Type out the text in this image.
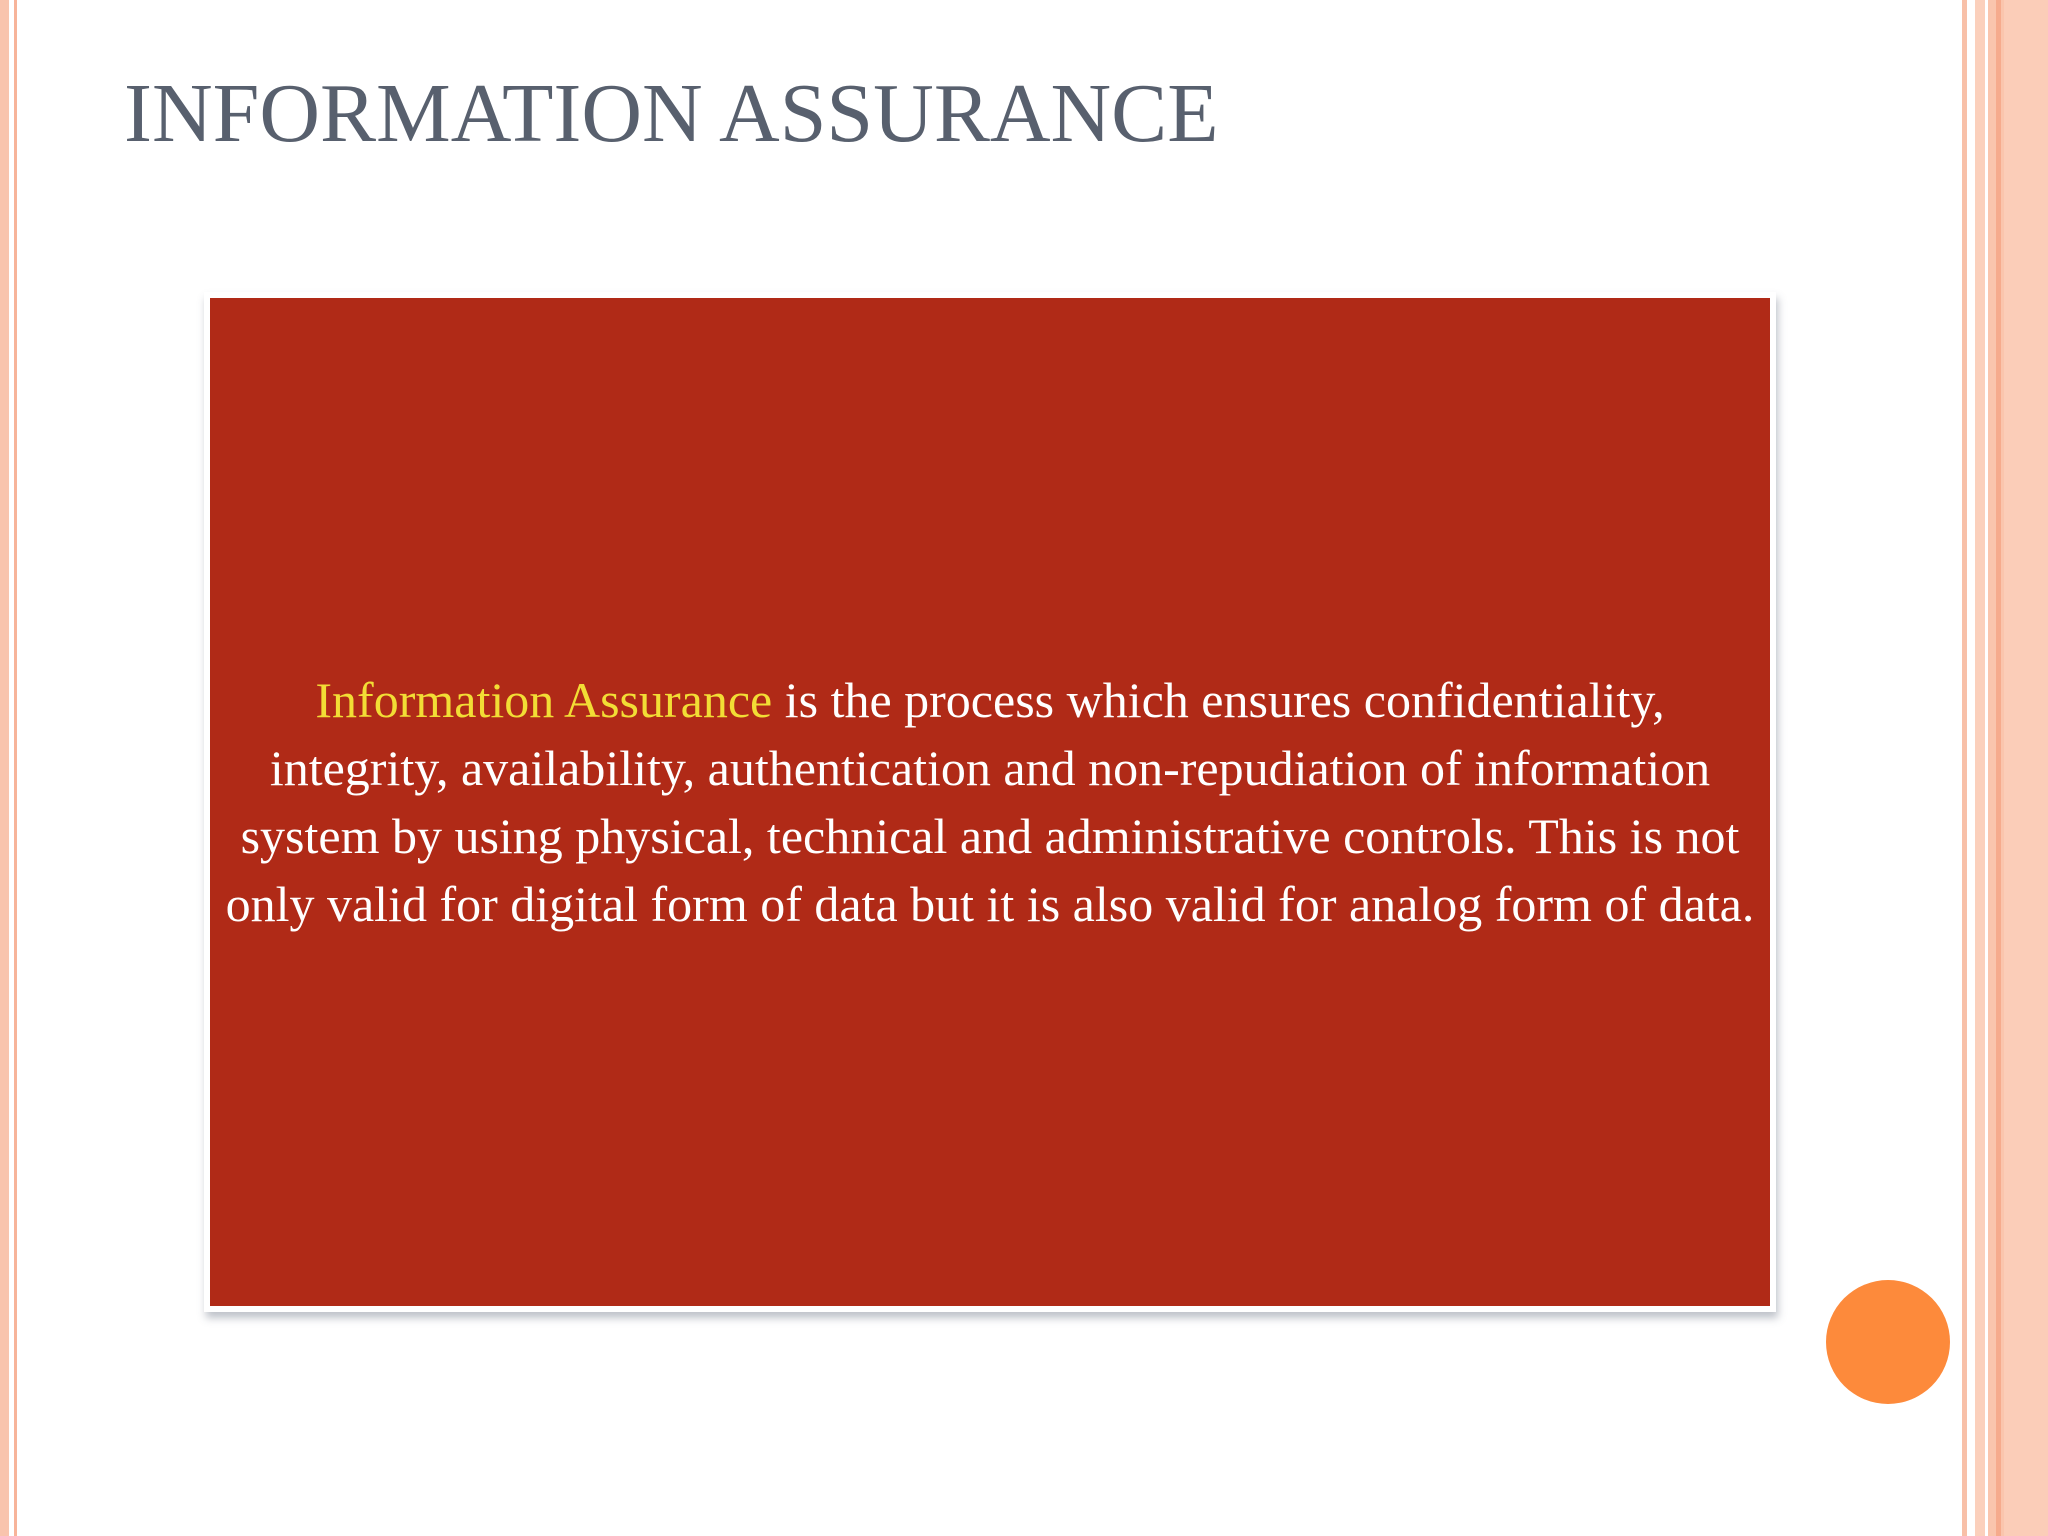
INFORMATION ASSURANCE

Information Assurance is the process which ensures confidentiality, integrity, availability, authentication and non-repudiation of information system by using physical, technical and administrative controls. This is not only valid for digital form of data but it is also valid for analog form of data.
